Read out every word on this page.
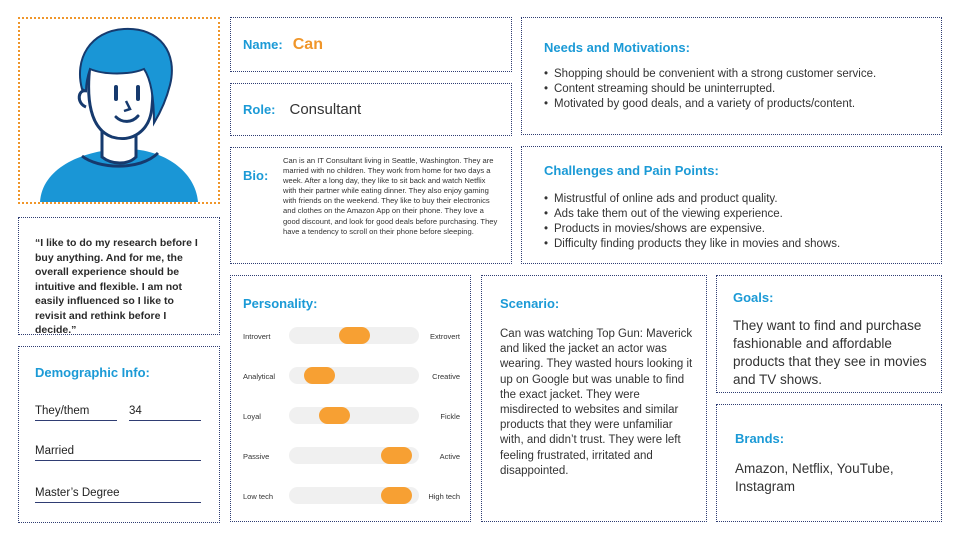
“I like to do my research before I buy anything. And for me, the overall experience should be intuitive and flexible. I am not easily influenced so I like to revisit and rethink before I decide.”

Demographic Info:
They/them	34
Married
Master’s Degree
Name: Can
Role: Consultant
Bio:
Can is an IT Consultant living in Seattle, Washington. They are married with no children. They work from home for two days a week. After a long day, they like to sit back and watch Netflix with their partner while eating dinner. They also enjoy gaming with friends on the weekend. They like to buy their electronics and clothes on the Amazon App on their phone. They love a good discount, and look for good deals before purchasing. They have a tendency to scroll on their phone before sleeping.
Needs and Motivations:
• Shopping should be convenient with a strong customer service.
• Content streaming should be uninterrupted.
• Motivated by good deals, and a variety of products/content.
Challenges and Pain Points:
• Mistrustful of online ads and product quality.
• Ads take them out of the viewing experience.
• Products in movies/shows are expensive.
• Difficulty finding products they like in movies and shows.
Personality:
Introvert	Extrovert
Analytical	Creative
Loyal	Fickle
Passive	Active
Low tech	High tech
Scenario:
Can was watching Top Gun: Maverick and liked the jacket an actor was wearing. They wasted hours looking it up on Google but was unable to find the exact jacket. They were misdirected to websites and similar products that they were unfamiliar with, and didn’t trust. They were left feeling frustrated, irritated and disappointed.
Goals:
They want to find and purchase fashionable and affordable products that they see in movies and TV shows.
Brands:
Amazon, Netflix, YouTube, Instagram
